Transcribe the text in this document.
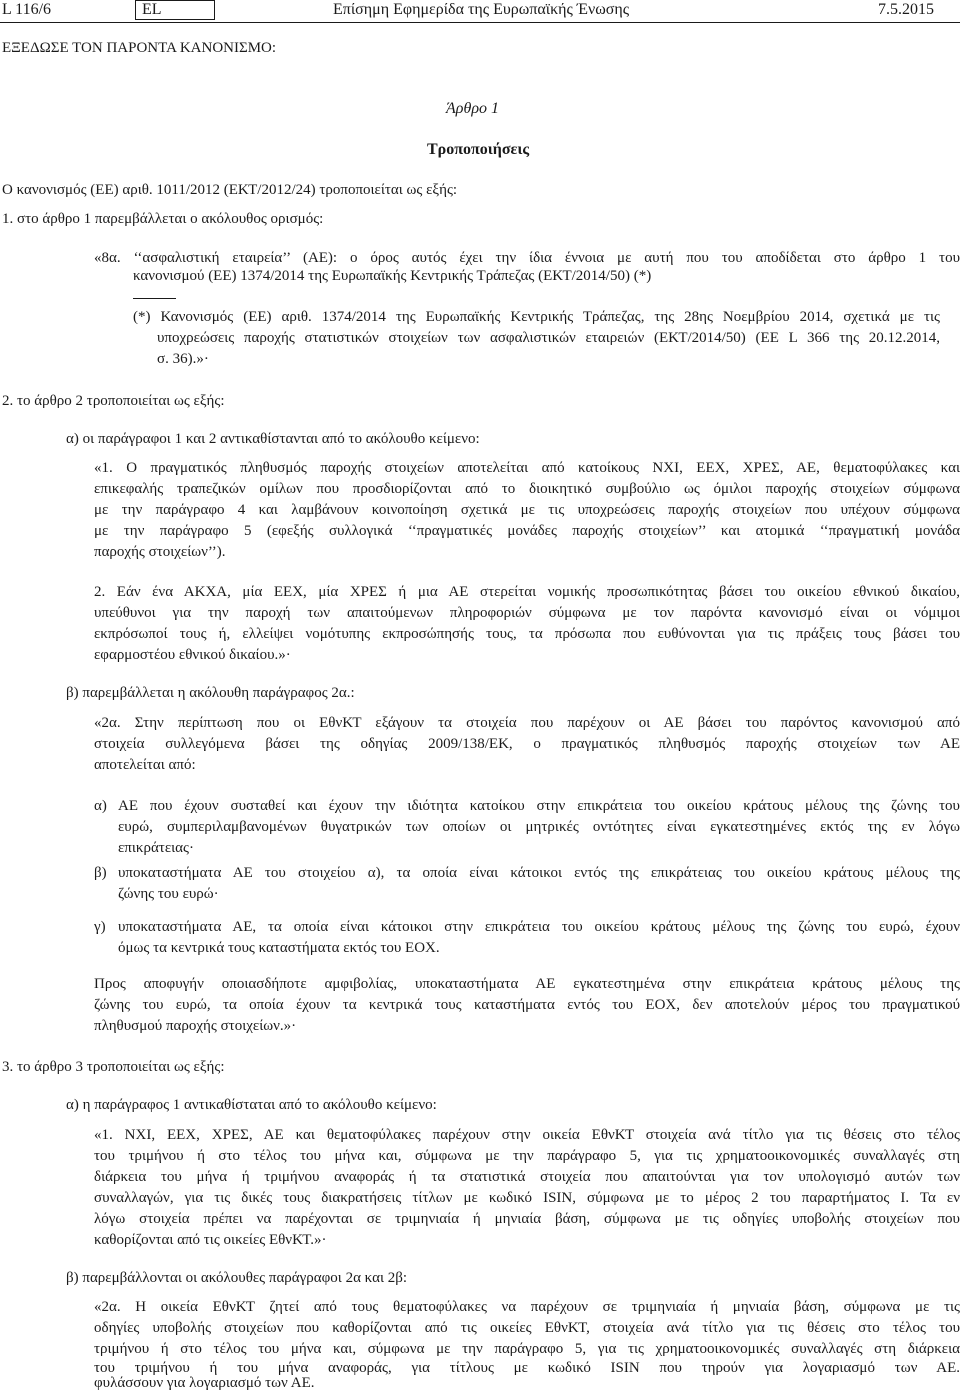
L 116/6	EL	Επίσημη Εφημερίδα της Ευρωπαϊκής Ένωσης	7.5.2015
ΕΞΕΔΩΣΕ ΤΟΝ ΠΑΡΟΝΤΑ ΚΑΝΟΝΙΣΜΟ:
Άρθρο 1
Τροποποιήσεις
Ο κανονισμός (ΕΕ) αριθ. 1011/2012 (ΕΚΤ/2012/24) τροποποιείται ως εξής:
1. στο άρθρο 1 παρεμβάλλεται ο ακόλουθος ορισμός:
«8α. ‘‘ασφαλιστική εταιρεία’’ (ΑΕ): ο όρος αυτός έχει την ίδια έννοια με αυτή που του αποδίδεται στο άρθρο 1 του
κανονισμού (ΕΕ) 1374/2014 της Ευρωπαϊκής Κεντρικής Τράπεζας (ΕΚΤ/2014/50) (*)
(*) Κανονισμός (ΕΕ) αριθ. 1374/2014 της Ευρωπαϊκής Κεντρικής Τράπεζας, της 28ης Νοεμβρίου 2014, σχετικά με τις
υποχρεώσεις παροχής στατιστικών στοιχείων των ασφαλιστικών εταιρειών (ΕΚΤ/2014/50) (ΕΕ L 366 της 20.12.2014,
σ. 36).»·
2. το άρθρο 2 τροποποιείται ως εξής:
α) οι παράγραφοι 1 και 2 αντικαθίστανται από το ακόλουθο κείμενο:
«1. Ο πραγματικός πληθυσμός παροχής στοιχείων αποτελείται από κατοίκους ΝΧΙ, ΕΕΧ, ΧΡΕΣ, ΑΕ, θεματοφύλακες και
επικεφαλής τραπεζικών ομίλων που προσδιορίζονται από το διοικητικό συμβούλιο ως όμιλοι παροχής στοιχείων σύμφωνα
με την παράγραφο 4 και λαμβάνουν κοινοποίηση σχετικά με τις υποχρεώσεις παροχής στοιχείων που υπέχουν σύμφωνα
με την παράγραφο 5 (εφεξής συλλογικά ‘‘πραγματικές μονάδες παροχής στοιχείων’’ και ατομικά ‘‘πραγματική μονάδα
παροχής στοιχείων’’).
2. Εάν ένα ΑΚΧΑ, μία ΕΕΧ, μία ΧΡΕΣ ή μια ΑΕ στερείται νομικής προσωπικότητας βάσει του οικείου εθνικού δικαίου,
υπεύθυνοι για την παροχή των απαιτούμενων πληροφοριών σύμφωνα με τον παρόντα κανονισμό είναι οι νόμιμοι
εκπρόσωποί τους ή, ελλείψει νομότυπης εκπροσώπησής τους, τα πρόσωπα που ευθύνονται για τις πράξεις τους βάσει του
εφαρμοστέου εθνικού δικαίου.»·
β) παρεμβάλλεται η ακόλουθη παράγραφος 2α.:
«2α. Στην περίπτωση που οι ΕθνΚΤ εξάγουν τα στοιχεία που παρέχουν οι ΑΕ βάσει του παρόντος κανονισμού από
στοιχεία συλλεγόμενα βάσει της οδηγίας 2009/138/ΕΚ, ο πραγματικός πληθυσμός παροχής στοιχείων των ΑΕ
αποτελείται από:
α) ΑΕ που έχουν συσταθεί και έχουν την ιδιότητα κατοίκου στην επικράτεια του οικείου κράτους μέλους της ζώνης του
ευρώ, συμπεριλαμβανομένων θυγατρικών των οποίων οι μητρικές οντότητες είναι εγκατεστημένες εκτός της εν λόγω
επικράτειας·
β) υποκαταστήματα ΑΕ του στοιχείου α), τα οποία είναι κάτοικοι εντός της επικράτειας του οικείου κράτους μέλους της
ζώνης του ευρώ·
γ) υποκαταστήματα ΑΕ, τα οποία είναι κάτοικοι στην επικράτεια του οικείου κράτους μέλους της ζώνης του ευρώ, έχουν
όμως τα κεντρικά τους καταστήματα εκτός του ΕΟΧ.
Προς αποφυγήν οποιασδήποτε αμφιβολίας, υποκαταστήματα ΑΕ εγκατεστημένα στην επικράτεια κράτους μέλους της
ζώνης του ευρώ, τα οποία έχουν τα κεντρικά τους καταστήματα εντός του ΕΟΧ, δεν αποτελούν μέρος του πραγματικού
πληθυσμού παροχής στοιχείων.»·
3. το άρθρο 3 τροποποιείται ως εξής:
α) η παράγραφος 1 αντικαθίσταται από το ακόλουθο κείμενο:
«1. ΝΧΙ, ΕΕΧ, ΧΡΕΣ, ΑΕ και θεματοφύλακες παρέχουν στην οικεία ΕθνΚΤ στοιχεία ανά τίτλο για τις θέσεις στο τέλος
του τριμήνου ή στο τέλος του μήνα και, σύμφωνα με την παράγραφο 5, για τις χρηματοοικονομικές συναλλαγές στη
διάρκεια του μήνα ή τριμήνου αναφοράς ή τα στατιστικά στοιχεία που απαιτούνται για τον υπολογισμό αυτών των
συναλλαγών, για τις δικές τους διακρατήσεις τίτλων με κωδικό ISIN, σύμφωνα με το μέρος 2 του παραρτήματος Ι. Τα εν
λόγω στοιχεία πρέπει να παρέχονται σε τριμηνιαία ή μηνιαία βάση, σύμφωνα με τις οδηγίες υποβολής στοιχείων που
καθορίζονται από τις οικείες ΕθνΚΤ.»·
β) παρεμβάλλονται οι ακόλουθες παράγραφοι 2α και 2β:
«2α. Η οικεία ΕθνΚΤ ζητεί από τους θεματοφύλακες να παρέχουν σε τριμηνιαία ή μηνιαία βάση, σύμφωνα με τις
οδηγίες υποβολής στοιχείων που καθορίζονται από τις οικείες ΕθνΚΤ, στοιχεία ανά τίτλο για τις θέσεις στο τέλος του
τριμήνου ή στο τέλος του μήνα και, σύμφωνα με την παράγραφο 5, για τις χρηματοοικονομικές συναλλαγές στη διάρκεια
του τριμήνου ή του μήνα αναφοράς, για τίτλους με κωδικό ISIN που τηρούν για λογαριασμό των ΑΕ.
φυλάσσουν για λογαριασμό των ΑΕ.
